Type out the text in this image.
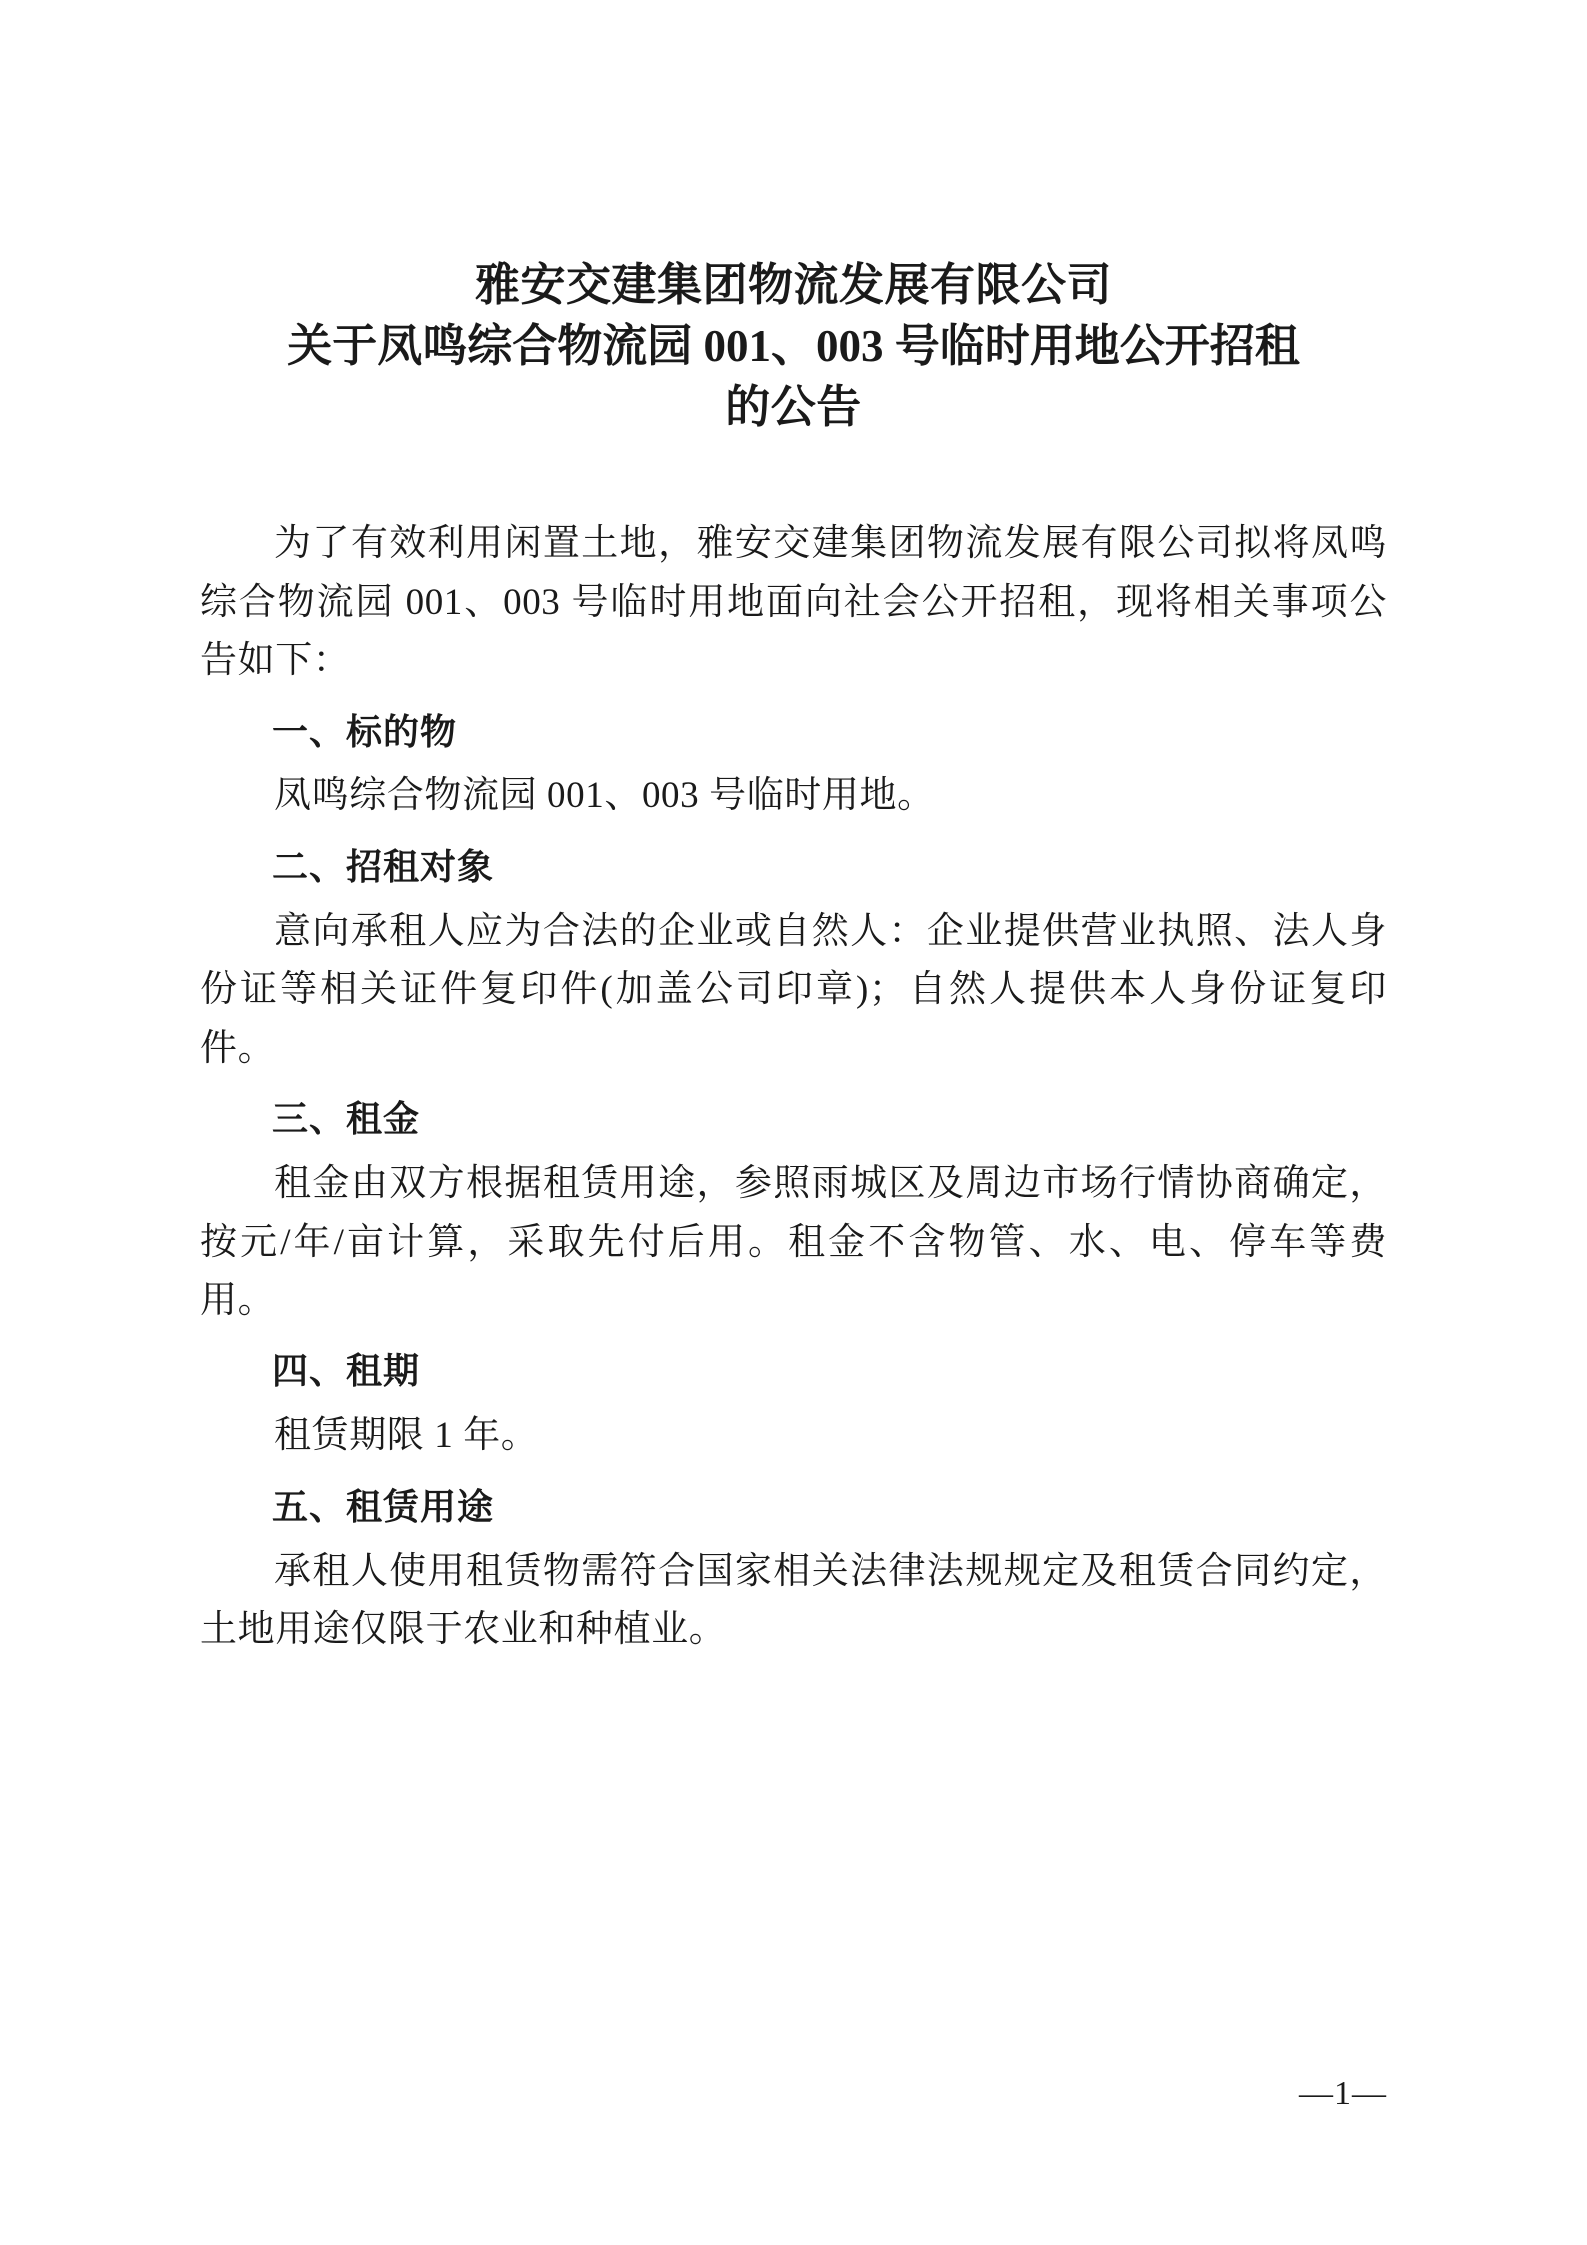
雅安交建集团物流发展有限公司
关于凤鸣综合物流园 001、003 号临时用地公开招租
的公告

为了有效利用闲置土地，雅安交建集团物流发展有限公司拟将凤鸣综合物流园 001、003 号临时用地面向社会公开招租，现将相关事项公告如下：

一、标的物

凤鸣综合物流园 001、003 号临时用地。

二、招租对象

意向承租人应为合法的企业或自然人：企业提供营业执照、法人身份证等相关证件复印件(加盖公司印章)；自然人提供本人身份证复印件。

三、租金

租金由双方根据租赁用途，参照雨城区及周边市场行情协商确定，按元/年/亩计算，采取先付后用。租金不含物管、水、电、停车等费用。

四、租期

租赁期限 1 年。

五、租赁用途

承租人使用租赁物需符合国家相关法律法规规定及租赁合同约定，土地用途仅限于农业和种植业。

—1—
